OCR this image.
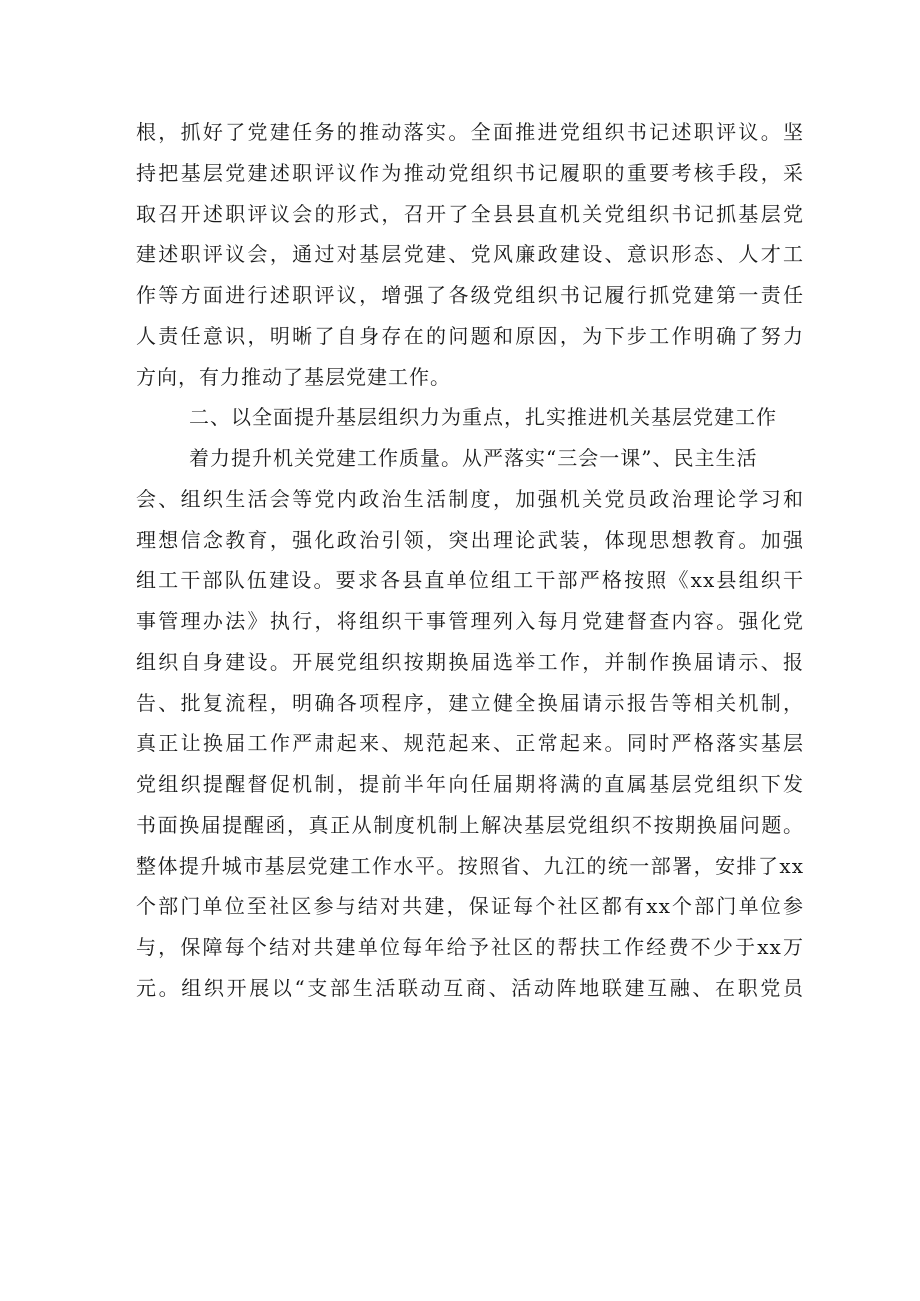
根，抓好了党建任务的推动落实。全面推进党组织书记述职评议。坚
持把基层党建述职评议作为推动党组织书记履职的重要考核手段，采
取召开述职评议会的形式，召开了全县县直机关党组织书记抓基层党
建述职评议会，通过对基层党建、党风廉政建设、意识形态、人才工
作等方面进行述职评议，增强了各级党组织书记履行抓党建第一责任
人责任意识，明晰了自身存在的问题和原因，为下步工作明确了努力
方向，有力推动了基层党建工作。
二、以全面提升基层组织力为重点，扎实推进机关基层党建工作
着力提升机关党建工作质量。从严落实“三会一课”、民主生活
会、组织生活会等党内政治生活制度，加强机关党员政治理论学习和
理想信念教育，强化政治引领，突出理论武装，体现思想教育。加强
组工干部队伍建设。要求各县直单位组工干部严格按照《xx县组织干
事管理办法》执行，将组织干事管理列入每月党建督查内容。强化党
组织自身建设。开展党组织按期换届选举工作，并制作换届请示、报
告、批复流程，明确各项程序，建立健全换届请示报告等相关机制，
真正让换届工作严肃起来、规范起来、正常起来。同时严格落实基层
党组织提醒督促机制，提前半年向任届期将满的直属基层党组织下发
书面换届提醒函，真正从制度机制上解决基层党组织不按期换届问题。
整体提升城市基层党建工作水平。按照省、九江的统一部署，安排了xx
个部门单位至社区参与结对共建，保证每个社区都有xx个部门单位参
与，保障每个结对共建单位每年给予社区的帮扶工作经费不少于xx万
元。组织开展以“支部生活联动互商、活动阵地联建互融、在职党员
